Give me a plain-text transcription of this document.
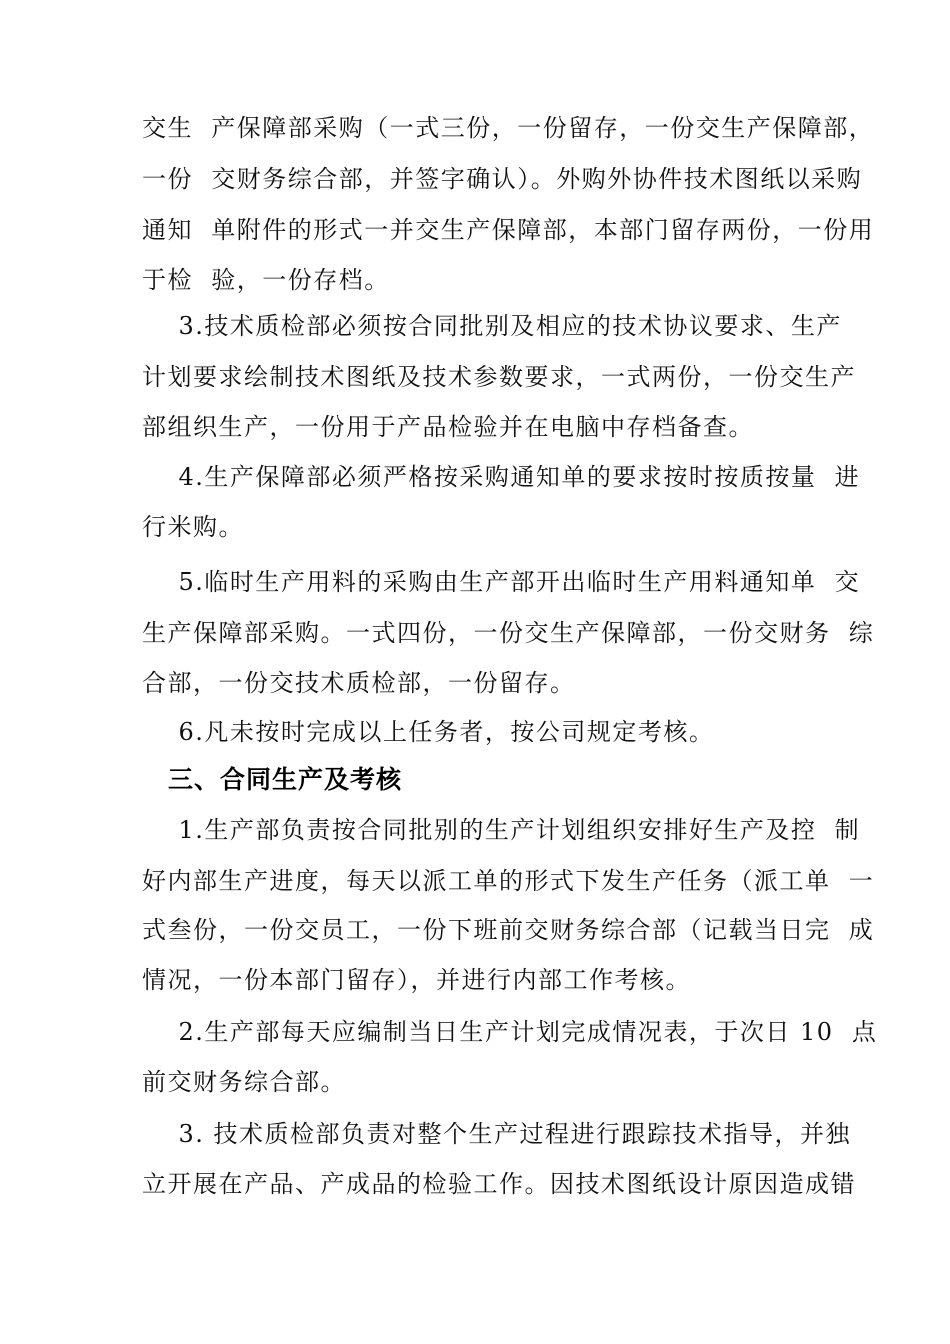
交生  产保障部采购（一式三份，一份留存，一份交生产保障部，
一份  交财务综合部，并签字确认）。外购外协件技术图纸以采购
通知  单附件的形式一并交生产保障部，本部门留存两份，一份用
于检  验，一份存档。
3.技术质检部必须按合同批别及相应的技术协议要求、生产
计划要求绘制技术图纸及技术参数要求，一式两份，一份交生产
部组织生产，一份用于产品检验并在电脑中存档备查。
4.生产保障部必须严格按采购通知单的要求按时按质按量  进
行米购。
5.临时生产用料的采购由生产部开出临时生产用料通知单  交
生产保障部采购。一式四份，一份交生产保障部，一份交财务  综
合部，一份交技术质检部，一份留存。
6.凡未按时完成以上任务者，按公司规定考核。
三、合同生产及考核
1.生产部负责按合同批别的生产计划组织安排好生产及控  制
好内部生产进度，每天以派工单的形式下发生产任务（派工单  一
式叁份，一份交员工，一份下班前交财务综合部（记载当日完  成
情况，一份本部门留存），并进行内部工作考核。
2.生产部每天应编制当日生产计划完成情况表，于次日 10  点
前交财务综合部。
3. 技术质检部负责对整个生产过程进行跟踪技术指导，并独
立开展在产品、产成品的检验工作。因技术图纸设计原因造成错
